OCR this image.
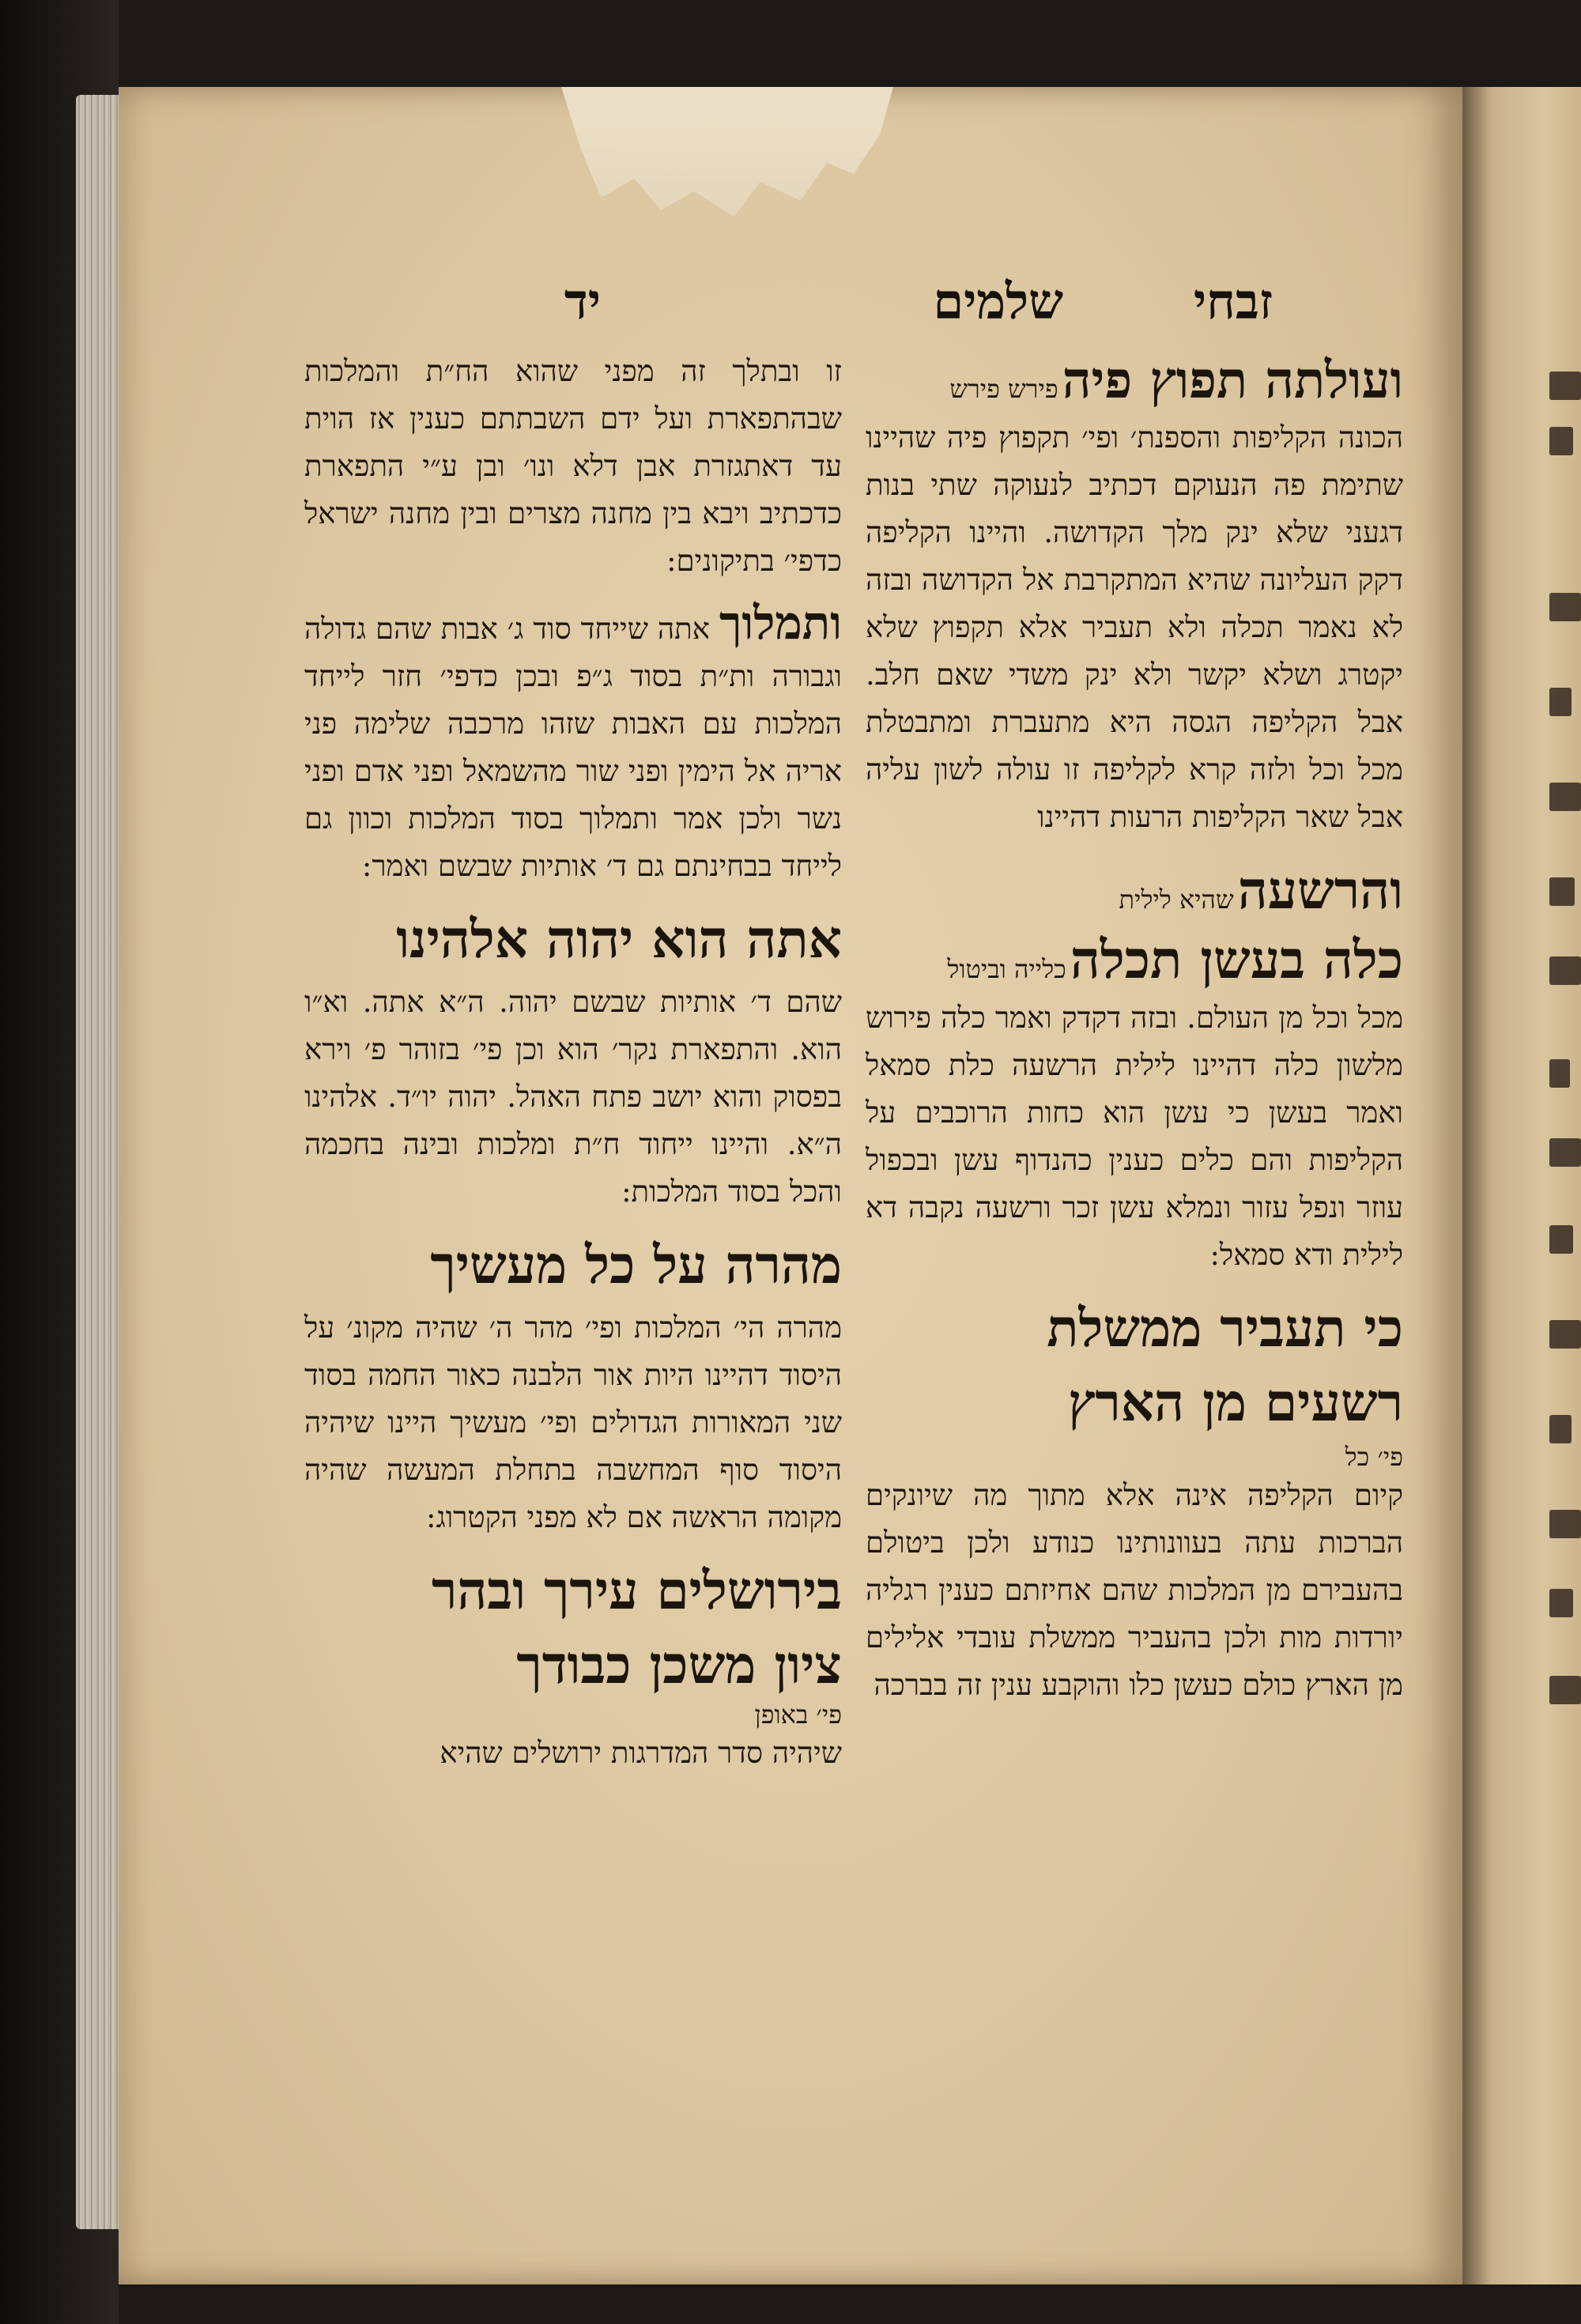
זבחי
שלמים
יד
ועולתה תפוץ פיה פירש פירש

הכונה הקליפות והספנת׳ ופי׳ תקפוץ פיה שהיינו שתימת פה הנעוקם דכתיב לנעוקה שתי בנות דגעני שלא ינק מלך הקדושה. והיינו הקליפה דקק העליונה שהיא המתקרבת אל הקדושה ובזה לא נאמר תכלה ולא תעביר אלא תקפוץ שלא יקטרג ושלא יקשר ולא ינק משדי שאם חלב. אבל הקליפה הגסה היא מתעברת ומתבטלת מכל וכל ולזה קרא לקליפה זו עולה לשון עליה אבל שאר הקליפות הרעות דהיינו

והרשעה שהיא לילית
כלה בעשן תכלה כלייה וביטול

מכל וכל מן העולם. ובזה דקדק ואמר כלה פירוש מלשון כלה דהיינו לילית הרשעה כלת סמאל ואמר בעשן כי עשן הוא כחות הרוכבים על הקליפות והם כלים כענין כהנדוף עשן ובכפול עוזר ונפל עזור ונמלא עשן זכר ורשעה נקבה דא לילית ודא סמאל:

כי תעביר ממשלת
רשעים מן הארץ
פי׳ כל

קיום הקליפה אינה אלא מתוך מה שיונקים הברכות עתה בעוונותינו כנודע ולכן ביטולם בהעבירם מן המלכות שהם אחיזתם כענין רגליה יורדות מות ולכן בהעביר ממשלת עובדי אלילים מן הארץ כולם כעשן כלו והוקבע ענין זה בברכה

זו ובתלך זה מפני שהוא הח״ת והמלכות שבהתפארת ועל ידם השבתתם כענין אז הוית עד דאתגזרת אבן דלא ונו׳ ובן ע״י התפארת כדכתיב ויבא בין מחנה מצרים ובין מחנה ישראל כדפי׳ בתיקונים:

ותמלוך אתה שייחד סוד ג׳ אבות שהם גדולה וגבורה ות״ת בסוד ג״פ ובכן כדפי׳ חזר לייחד המלכות עם האבות שזהו מרכבה שלימה פני אריה אל הימין ופני שור מהשמאל ופני אדם ופני נשר ולכן אמר ותמלוך בסוד המלכות וכוון גם לייחד בבחינתם גם ד׳ אותיות שבשם ואמר:

אתה הוא יהוה אלהינו

שהם ד׳ אותיות שבשם יהוה. ה״א אתה. וא״ו הוא. והתפארת נקר׳ הוא וכן פי׳ בזוהר פ׳ וירא בפסוק והוא יושב פתח האהל. יהוה יו״ד. אלהינו ה״א. והיינו ייחוד ח״ת ומלכות ובינה בחכמה והכל בסוד המלכות:

מהרה על כל מעשיך

מהרה הי׳ המלכות ופי׳ מהר ה׳ שהיה מקונ׳ על היסוד דהיינו היות אור הלבנה כאור החמה בסוד שני המאורות הגדולים ופי׳ מעשיך היינו שיהיה היסוד סוף המחשבה בתחלת המעשה שהיה מקומה הראשה אם לא מפני הקטרוג:

בירושלים עירך ובהר
ציון משכן כבודך
פי׳ באופן

שיהיה סדר המדרגות ירושלים שהיא
